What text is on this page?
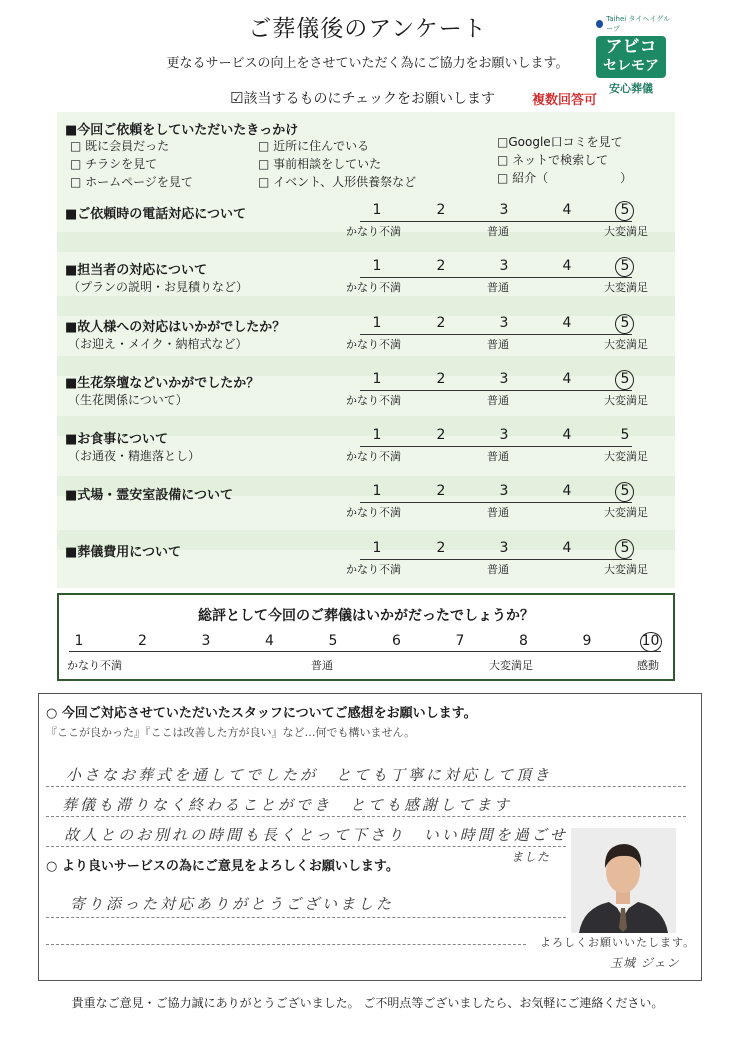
ご葬儀後のアンケート
更なるサービスの向上をさせていただく為にご協力をお願いします。
Taihei タイヘイグループ
アビコ
セレモア
安心葬儀
☑該当するものにチェックをお願いします	複数回答可
■今回ご依頼をしていただいたきっかけ
□ 既に会員だった
□ チラシを見て
□ ホームページを見て
□ 近所に住んでいる
□ 事前相談をしていた
□ イベント、人形供養祭など
□Google口コミを見て
□ ネットで検索して
□ 紹介（　　　　　　）
■ご依頼時の電話対応について	1	2	3	4	5
かなり不満	普通	大変満足
■担当者の対応について
（プランの説明・お見積りなど）
1	2	3	4	5
かなり不満	普通	大変満足
■故人様への対応はいかがでしたか？
（お迎え・メイク・納棺式など）
1	2	3	4	5
かなり不満	普通	大変満足
■生花祭壇などいかがでしたか？
（生花関係について）
1	2	3	4	5
かなり不満	普通	大変満足
■お食事について
（お通夜・精進落とし）
1	2	3	4	5
かなり不満	普通	大変満足
■式場・霊安室設備について	1	2	3	4	5
かなり不満	普通	大変満足
■葬儀費用について	1	2	3	4	5
かなり不満	普通	大変満足
総評として今回のご葬儀はいかがだったでしょうか？
1	2	3	4	5	6	7	8	9	10
かなり不満	普通	大変満足	感動
○ 今回ご対応させていただいたスタッフについてご感想をお願いします。
『ここが良かった』『ここは改善した方が良い』など…何でも構いません。
小さなお葬式を通してでしたが　とても丁寧に対応して頂き
葬儀も滞りなく終わることができ　とても感謝してます
故人とのお別れの時間も長くとって下さり　いい時間を過ごせ
ました
○ より良いサービスの為にご意見をよろしくお願いします。
寄り添った対応ありがとうございました
よろしくお願いいたします。
玉城 ジェン
貴重なご意見・ご協力誠にありがとうございました。 ご不明点等ございましたら、お気軽にご連絡ください。
